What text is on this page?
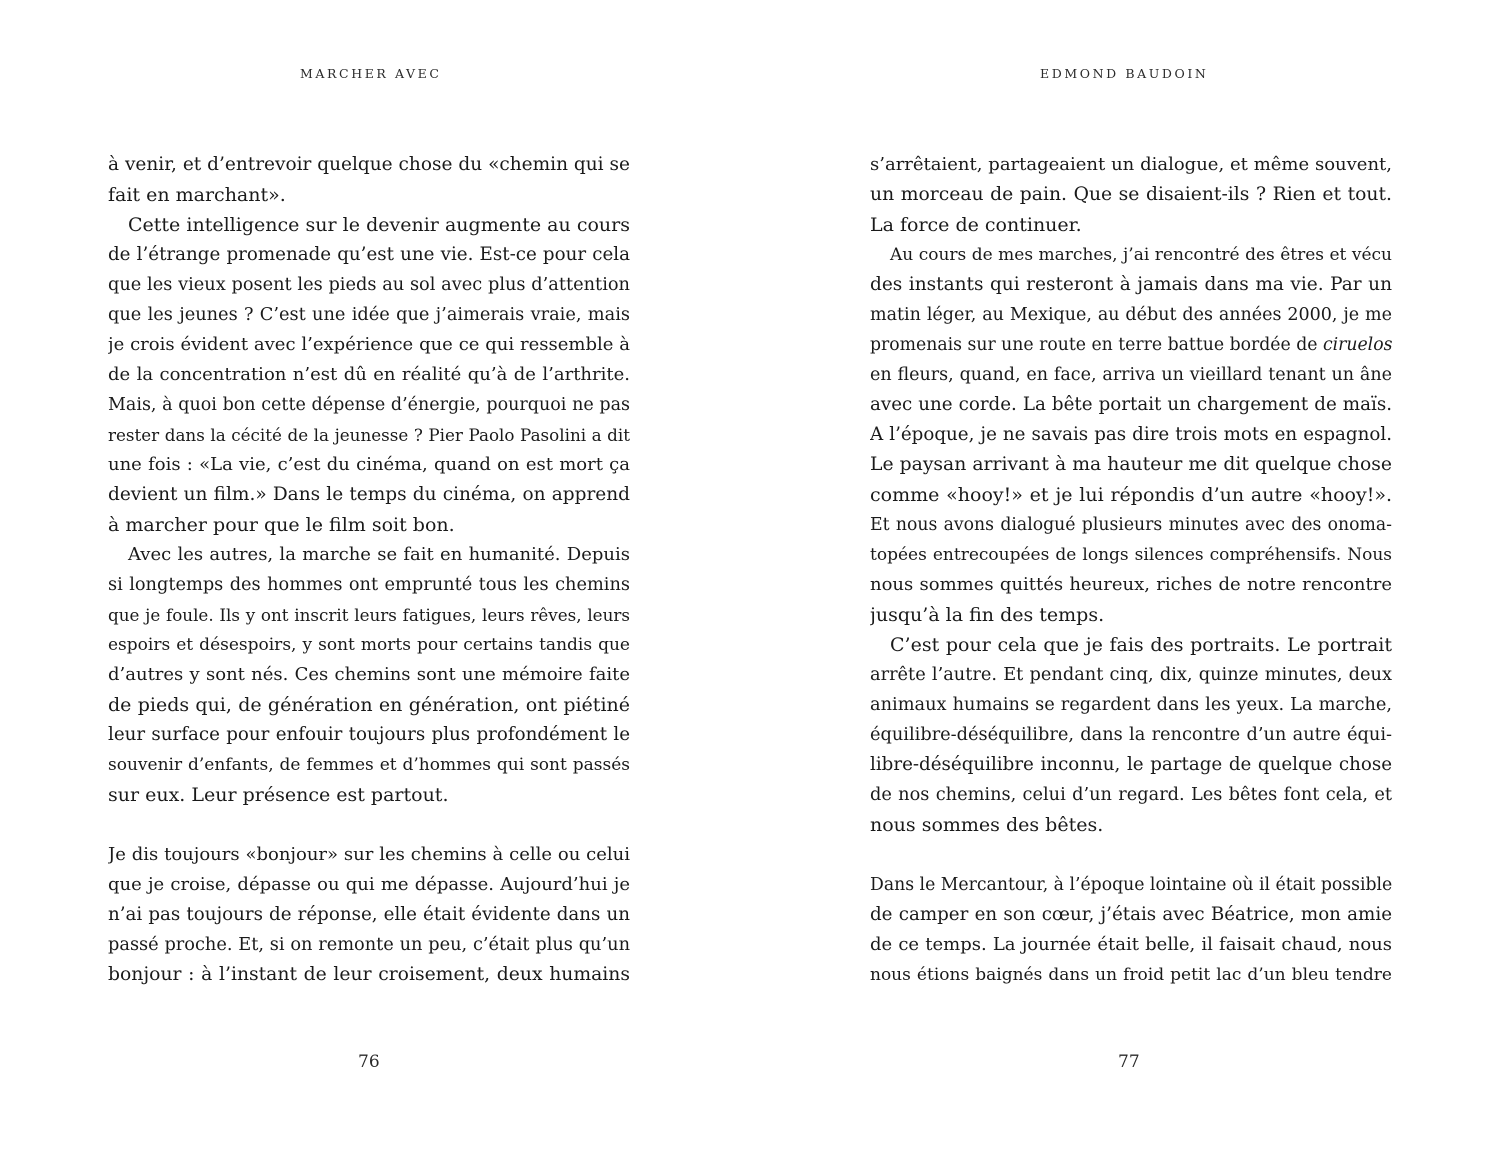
MARCHER AVEC
à venir, et d’entrevoir quelque chose du «chemin qui se
fait en marchant».
Cette intelligence sur le devenir augmente au cours
de l’étrange promenade qu’est une vie. Est-ce pour cela
que les vieux posent les pieds au sol avec plus d’attention
que les jeunes ? C’est une idée que j’aimerais vraie, mais
je crois évident avec l’expérience que ce qui ressemble à
de la concentration n’est dû en réalité qu’à de l’arthrite.
Mais, à quoi bon cette dépense d’énergie, pourquoi ne pas
rester dans la cécité de la jeunesse ? Pier Paolo Pasolini a dit
une fois : «La vie, c’est du cinéma, quand on est mort ça
devient un film.» Dans le temps du cinéma, on apprend
à marcher pour que le film soit bon.
Avec les autres, la marche se fait en humanité. Depuis
si longtemps des hommes ont emprunté tous les chemins
que je foule. Ils y ont inscrit leurs fatigues, leurs rêves, leurs
espoirs et désespoirs, y sont morts pour certains tandis que
d’autres y sont nés. Ces chemins sont une mémoire faite
de pieds qui, de génération en génération, ont piétiné
leur surface pour enfouir toujours plus profondément le
souvenir d’enfants, de femmes et d’hommes qui sont passés
sur eux. Leur présence est partout.
Je dis toujours «bonjour» sur les chemins à celle ou celui
que je croise, dépasse ou qui me dépasse. Aujourd’hui je
n’ai pas toujours de réponse, elle était évidente dans un
passé proche. Et, si on remonte un peu, c’était plus qu’un
bonjour : à l’instant de leur croisement, deux humains
76
EDMOND BAUDOIN
s’arrêtaient, partageaient un dialogue, et même souvent,
un morceau de pain. Que se disaient-ils ? Rien et tout.
La force de continuer.
Au cours de mes marches, j’ai rencontré des êtres et vécu
des instants qui resteront à jamais dans ma vie. Par un
matin léger, au Mexique, au début des années 2000, je me
promenais sur une route en terre battue bordée de ciruelos
en fleurs, quand, en face, arriva un vieillard tenant un âne
avec une corde. La bête portait un chargement de maïs.
A l’époque, je ne savais pas dire trois mots en espagnol.
Le paysan arrivant à ma hauteur me dit quelque chose
comme «hooy!» et je lui répondis d’un autre «hooy!».
Et nous avons dialogué plusieurs minutes avec des onoma-
topées entrecoupées de longs silences compréhensifs. Nous
nous sommes quittés heureux, riches de notre rencontre
jusqu’à la fin des temps.
C’est pour cela que je fais des portraits. Le portrait
arrête l’autre. Et pendant cinq, dix, quinze minutes, deux
animaux humains se regardent dans les yeux. La marche,
équilibre-déséquilibre, dans la rencontre d’un autre équi-
libre-déséquilibre inconnu, le partage de quelque chose
de nos chemins, celui d’un regard. Les bêtes font cela, et
nous sommes des bêtes.
Dans le Mercantour, à l’époque lointaine où il était possible
de camper en son cœur, j’étais avec Béatrice, mon amie
de ce temps. La journée était belle, il faisait chaud, nous
nous étions baignés dans un froid petit lac d’un bleu tendre
77
